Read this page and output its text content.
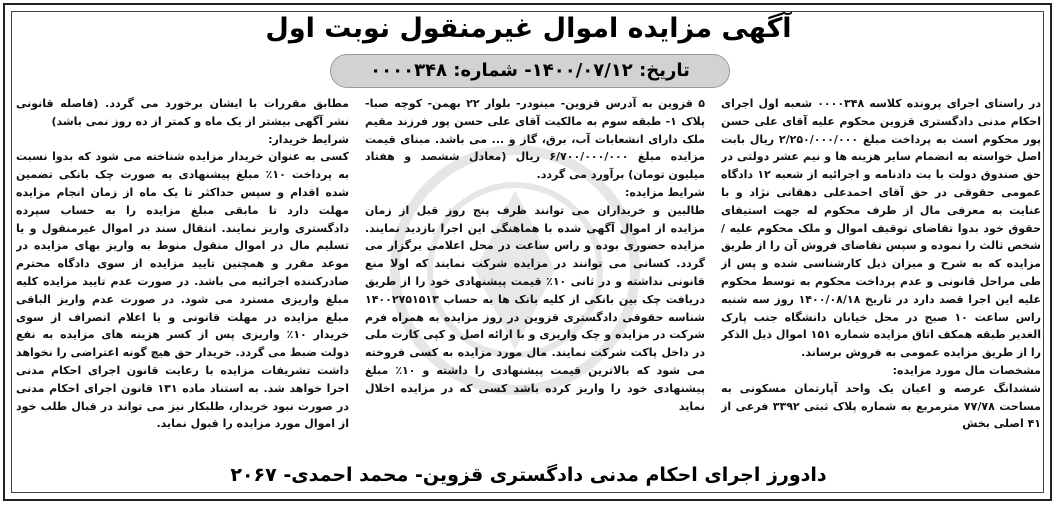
آگهی مزایده اموال غیرمنقول نوبت اول
تاریخ: ۱۴۰۰/۰۷/۱۲- شماره: ۰۰۰۰۳۴۸

در راستای اجرای پرونده کلاسه ۰۰۰۰۳۴۸ شعبه اول اجرای احکام مدنی دادگستری قزوین محکوم علیه آقای علی حسن پور محکوم است به پرداخت مبلغ ۲/۲۵۰/۰۰۰/۰۰۰ ریال بابت اصل خواسته به انضمام سایر هزینه ها و نیم عشر دولتی در حق صندوق دولت با بت دادنامه و اجرائیه از شعبه ۱۲ دادگاه عمومی حقوقی در حق آقای احمدعلی دهقانی نژاد و با عنایت به معرفی مال از طرف محکوم له جهت استیفای حقوق خود بدوا تقاضای توقیف اموال و ملک محکوم علیه / شخص ثالث را نموده و سپس تقاضای فروش آن را از طریق مزایده که به شرح و میزان ذیل کارشناسی شده و پس از طی مراحل قانونی و عدم پرداخت محکوم به توسط محکوم علیه این اجرا قصد دارد در تاریخ ۱۴۰۰/۰۸/۱۸ روز سه شنبه راس ساعت ۱۰ صبح در محل خیابان دانشگاه جنب پارک الغدیر طبقه همکف اتاق مزایده شماره ۱۵۱ اموال ذیل الذکر را از طریق مزایده عمومی به فروش برساند.

مشخصات مال مورد مزایده:

ششدانگ عرصه و اعیان یک واحد آپارتمان مسکونی به مساحت ۷۷/۷۸ مترمربع به شماره پلاک ثبتی ۳۳۹۲ فرعی از ۴۱ اصلی بخش

۵ قزوین به آدرس قزوین- مینودر- بلوار ۲۲ بهمن- کوچه صبا- پلاک ۱- طبقه سوم به مالکیت آقای علی حسن پور فرزند مقیم ملک دارای انشعابات آب، برق، گاز و ... می باشد. مبنای قیمت مزایده مبلغ ۶/۷۰۰/۰۰۰/۰۰۰ ریال (معادل ششصد و هفتاد میلیون تومان) برآورد می گردد.

شرایط مزایده:

طالبین و خریداران می توانند ظرف پنج روز قبل از زمان مزایده از اموال آگهی شده با هماهنگی این اجرا بازدید نمایند. مزایده حضوری بوده و راس ساعت در محل اعلامی برگزار می گردد. کسانی می توانند در مزایده شرکت نمایند که اولا منع قانونی نداشته و در ثانی ۱۰٪ قیمت پیشنهادی خود را از طریق دریافت چک بین بانکی از کلیه بانک ها به حساب ۱۴۰۰۲۷۵۱۵۱۳ شناسه حقوقی دادگستری قزوین در روز مزایده به همراه فرم شرکت در مزایده و چک واریزی و با ارائه اصل و کپی کارت ملی در داخل پاکت شرکت نمایند. مال مورد مزایده به کسی فروخته می شود که بالاترین قیمت پیشنهادی را داشته و ۱۰٪ مبلغ پیشنهادی خود را واریز کرده باشد کسی که در مزایده اخلال نماید

مطابق مقررات با ایشان برخورد می گردد. (فاصله قانونی نشر آگهی بیشتر از یک ماه و کمتر از ده روز نمی باشد)

شرایط خریدار:

کسی به عنوان خریدار مزایده شناخته می شود که بدوا نسبت به پرداخت ۱۰٪ مبلغ پیشنهادی به صورت چک بانکی تضمین شده اقدام و سپس حداکثر تا یک ماه از زمان انجام مزایده مهلت دارد تا مابقی مبلغ مزایده را به حساب سپرده دادگستری واریز نمایند. انتقال سند در اموال غیرمنقول و یا تسلیم مال در اموال منقول منوط به واریز بهای مزایده در موعد مقرر و همچنین تایید مزایده از سوی دادگاه محترم صادرکننده اجرائیه می باشد. در صورت عدم تایید مزایده کلیه مبلغ واریزی مسترد می شود. در صورت عدم واریز الباقی مبلغ مزایده در مهلت قانونی و یا اعلام انصراف از سوی خریدار ۱۰٪ واریزی پس از کسر هزینه های مزایده به نفع دولت ضبط می گردد. خریدار حق هیچ گونه اعتراضی را نخواهد داشت تشریفات مزایده با رعایت قانون اجرای احکام مدنی اجرا خواهد شد. به استناد ماده ۱۳۱ قانون اجرای احکام مدنی در صورت نبود خریدار، طلبکار نیز می تواند در قبال طلب خود از اموال مورد مزایده را قبول نماید.

دادورز اجرای احکام مدنی دادگستری قزوین- محمد احمدی- ۲۰۶۷
